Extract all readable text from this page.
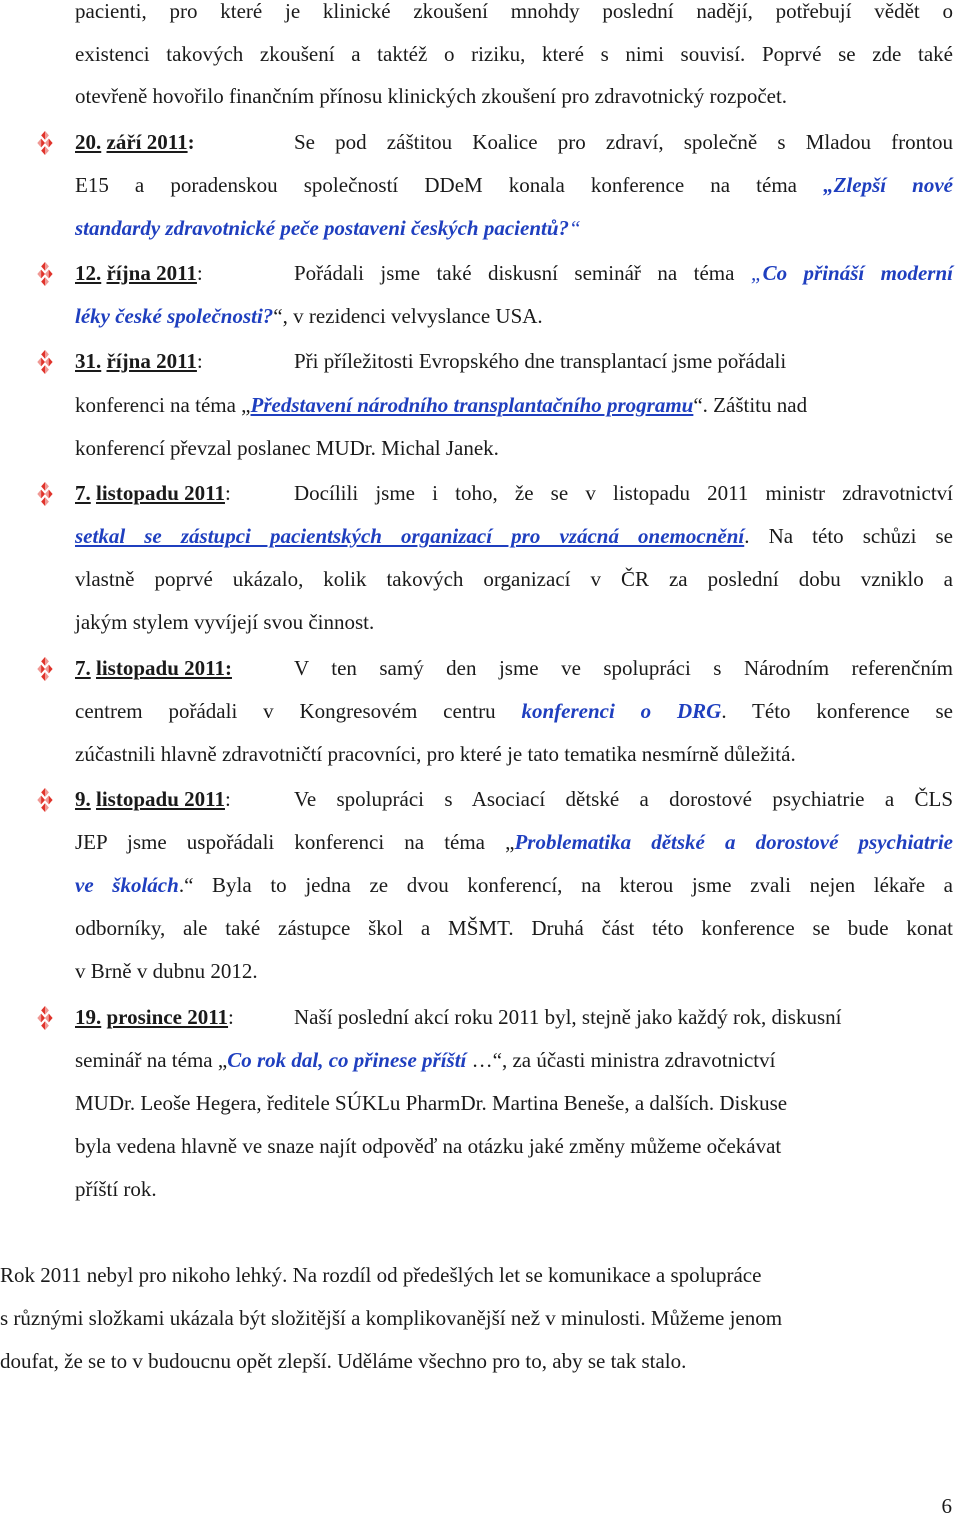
pacienti, pro které je klinické zkoušení mnohdy poslední nadějí, potřebují vědět o
existenci takových zkoušení a taktéž o riziku, které s nimi souvisí. Poprvé se zde také
otevřeně hovořilo finančním přínosu klinických zkoušení pro zdravotnický rozpočet.
20. září 2011:	Se pod záštitou Koalice pro zdraví, společně s Mladou frontou
E15 a poradenskou společností DDeM konala konference na téma „Zlepší nové
standardy zdravotnické peče postaveni českých pacientů?“
12. října 2011:	Pořádali jsme také diskusní seminář na téma „Co přináší moderní
léky české společnosti?“, v rezidenci velvyslance USA.
31. října 2011:	Při příležitosti Evropského dne transplantací jsme pořádali
konferenci na téma „Představení národního transplantačního programu“. Záštitu nad
konferencí převzal poslanec MUDr. Michal Janek.
7. listopadu 2011:	Docílili jsme i toho, že se v listopadu 2011 ministr zdravotnictví
setkal se zástupci pacientských organizací pro vzácná onemocnění. Na této schůzi se
vlastně poprvé ukázalo, kolik takových organizací v ČR za poslední dobu vzniklo a
jakým stylem vyvíjejí svou činnost.
7. listopadu 2011:	V ten samý den jsme ve spolupráci s Národním referenčním
centrem pořádali v Kongresovém centru konferenci o DRG. Této konference se
zúčastnili hlavně zdravotničtí pracovníci, pro které je tato tematika nesmírně důležitá.
9. listopadu 2011:	Ve spolupráci s Asociací dětské a dorostové psychiatrie a ČLS
JEP jsme uspořádali konferenci na téma „Problematika dětské a dorostové psychiatrie
ve školách.“ Byla to jedna ze dvou konferencí, na kterou jsme zvali nejen lékaře a
odborníky, ale také zástupce škol a MŠMT. Druhá část této konference se bude konat
v Brně v dubnu 2012.
19. prosince 2011:	Naší poslední akcí roku 2011 byl, stejně jako každý rok, diskusní
seminář na téma „Co rok dal, co přinese příští …“, za účasti ministra zdravotnictví
MUDr. Leoše Hegera, ředitele SÚKLu PharmDr. Martina Beneše, a dalších. Diskuse
byla vedena hlavně ve snaze najít odpověď na otázku jaké změny můžeme očekávat
příští rok.
Rok 2011 nebyl pro nikoho lehký. Na rozdíl od předešlých let se komunikace a spolupráce
s různými složkami ukázala být složitější a komplikovanější než v minulosti. Můžeme jenom
doufat, že se to v budoucnu opět zlepší. Uděláme všechno pro to, aby se tak stalo.
6
